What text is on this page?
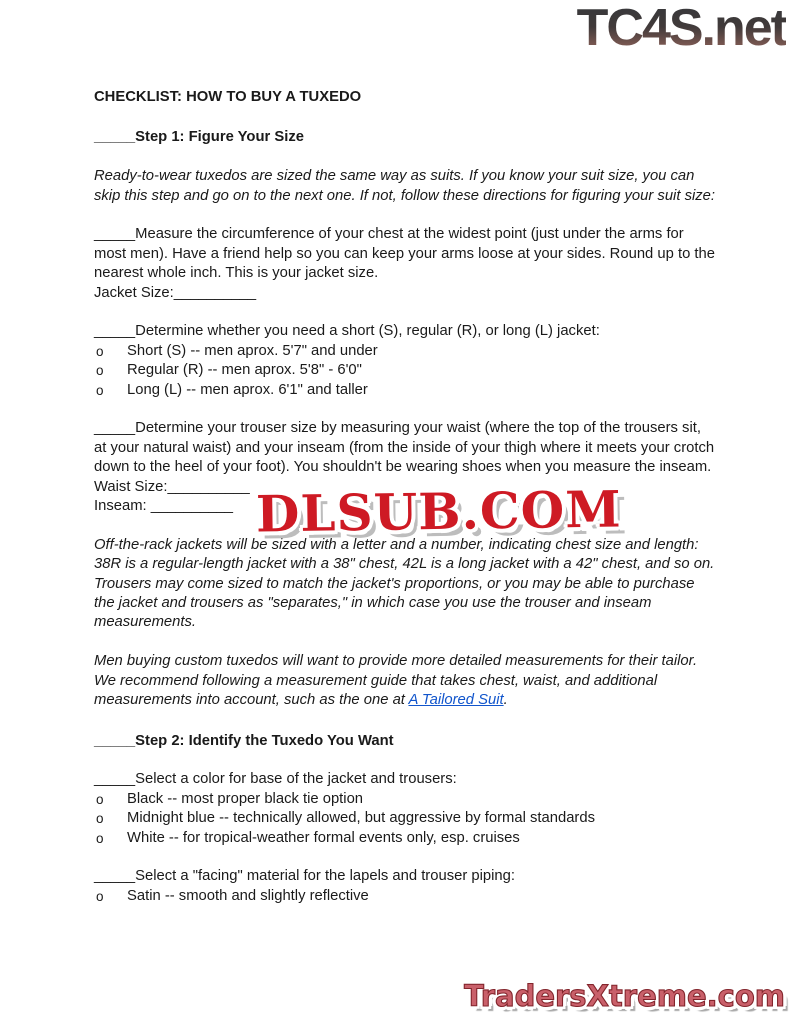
TC4S.net

CHECKLIST: HOW TO BUY A TUXEDO

_____Step 1: Figure Your Size

Ready-to-wear tuxedos are sized the same way as suits. If you know your suit size, you can skip this step and go on to the next one. If not, follow these directions for figuring your suit size:

_____Measure the circumference of your chest at the widest point (just under the arms for most men). Have a friend help so you can keep your arms loose at your sides. Round up to the nearest whole inch. This is your jacket size.

Jacket Size:__________

_____Determine whether you need a short (S), regular (R), or long (L) jacket:

o	Short (S) -- men aprox. 5'7" and under
o	Regular (R) -- men aprox. 5'8" - 6'0"
o	Long (L) -- men aprox. 6'1" and taller

_____Determine your trouser size by measuring your waist (where the top of the trousers sit, at your natural waist) and your inseam (from the inside of your thigh where it meets your crotch down to the heel of your foot). You shouldn't be wearing shoes when you measure the inseam.

Waist Size:__________

Inseam: __________

Off-the-rack jackets will be sized with a letter and a number, indicating chest size and length: 38R is a regular-length jacket with a 38" chest, 42L is a long jacket with a 42" chest, and so on. Trousers may come sized to match the jacket's proportions, or you may be able to purchase the jacket and trousers as "separates," in which case you use the trouser and inseam measurements.

Men buying custom tuxedos will want to provide more detailed measurements for their tailor. We recommend following a measurement guide that takes chest, waist, and additional measurements into account, such as the one at A Tailored Suit.

_____Step 2: Identify the Tuxedo You Want

_____Select a color for base of the jacket and trousers:

o	Black -- most proper black tie option
o	Midnight blue -- technically allowed, but aggressive by formal standards
o	White -- for tropical-weather formal events only, esp. cruises

_____Select a "facing" material for the lapels and trouser piping:

o	Satin -- smooth and slightly reflective
DLSUB.COM
TradersXtreme.com
